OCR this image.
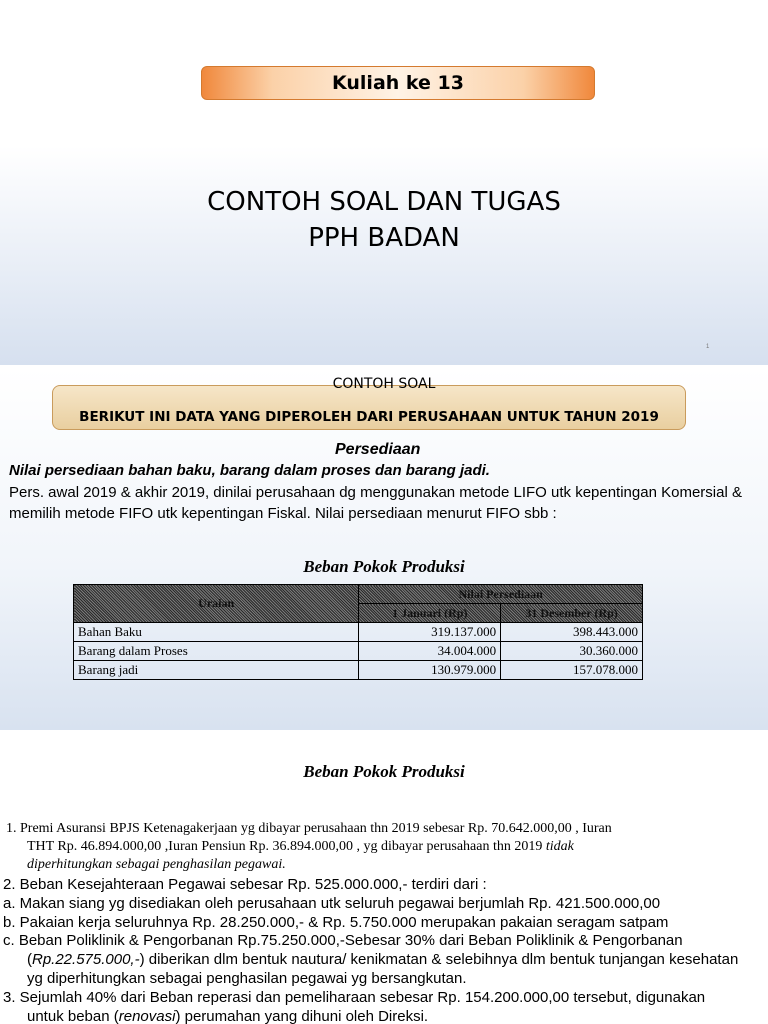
Kuliah ke 13
CONTOH SOAL DAN TUGAS
PPH BADAN
1
BERIKUT INI DATA YANG DIPEROLEH DARI PERUSAHAAN UNTUK TAHUN 2019
CONTOH SOAL
Persediaan
Nilai persediaan bahan baku, barang dalam proses dan barang jadi.
Pers. awal 2019 & akhir 2019, dinilai perusahaan dg menggunakan metode LIFO utk kepentingan Komersial & memilih metode FIFO utk kepentingan Fiskal. Nilai persediaan menurut FIFO sbb :
Beban Pokok Produksi
Uraian	Nilai Persediaan	
	1 Januari (Rp)	31 Desember (Rp)
Bahan Baku	319.137.000	398.443.000
Barang dalam Proses	34.004.000	30.360.000
Barang jadi	130.979.000	157.078.000
Beban Pokok Produksi
1. Premi Asuransi BPJS Ketenagakerjaan yg dibayar perusahaan thn 2019 sebesar Rp. 70.642.000,00 , Iuran
THT Rp. 46.894.000,00 ,Iuran Pensiun Rp. 36.894.000,00 , yg dibayar perusahaan thn 2019 tidak
diperhitungkan sebagai penghasilan pegawai.
2. Beban Kesejahteraan Pegawai sebesar Rp. 525.000.000,- terdiri dari :
a. Makan siang yg disediakan oleh perusahaan utk seluruh pegawai berjumlah Rp. 421.500.000,00
b. Pakaian kerja seluruhnya Rp. 28.250.000,- & Rp. 5.750.000 merupakan pakaian seragam satpam
c. Beban Poliklinik & Pengorbanan Rp.75.250.000,-Sebesar 30% dari Beban Poliklinik & Pengorbanan
(Rp.22.575.000,-) diberikan dlm bentuk nautura/ kenikmatan & selebihnya dlm bentuk tunjangan kesehatan
yg diperhitungkan sebagai penghasilan pegawai yg bersangkutan.
3. Sejumlah 40% dari Beban reperasi dan pemeliharaan sebesar Rp. 154.200.000,00 tersebut, digunakan
untuk beban (renovasi) perumahan yang dihuni oleh Direksi.
